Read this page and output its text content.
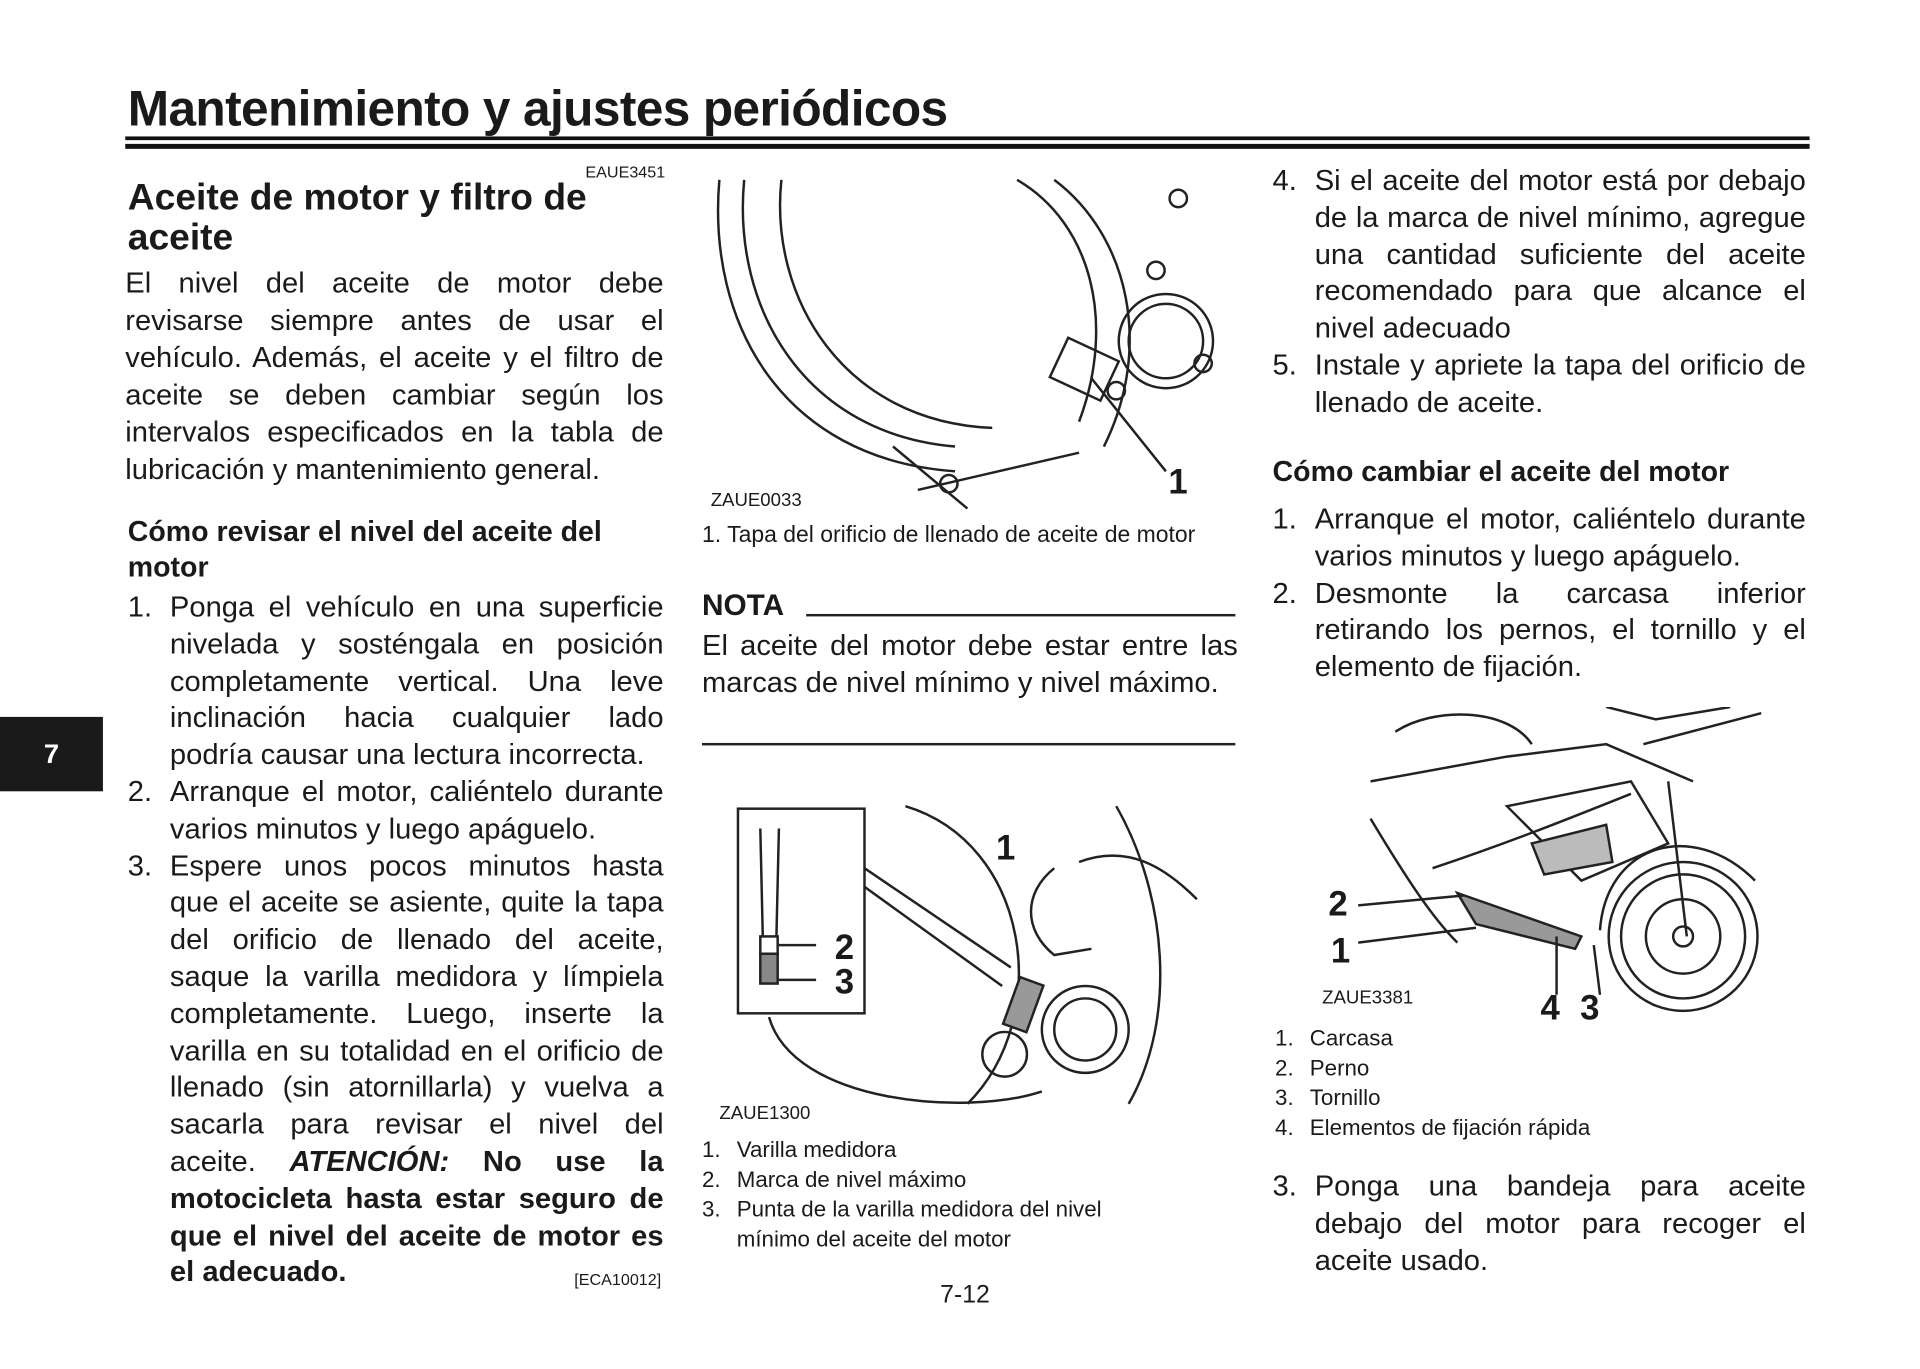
Mantenimiento y ajustes periódicos
7
EAUE3451
Aceite de motor y filtro de aceite
El nivel del aceite de motor debe revisarse siempre antes de usar el vehículo. Además, el aceite y el filtro de aceite se deben cambiar según los intervalos especificados en la tabla de lubricación y mantenimiento general.
Cómo revisar el nivel del aceite del motor
1. Ponga el vehículo en una superficie nivelada y sosténgala en posición completamente vertical. Una leve inclinación hacia cualquier lado podría causar una lectura incorrecta.
2. Arranque el motor, caliéntelo durante varios minutos y luego apáguelo.
3. Espere unos pocos minutos hasta que el aceite se asiente, quite la tapa del orificio de llenado del aceite, saque la varilla medidora y límpiela completamente. Luego, inserte la varilla en su totalidad en el orificio de llenado (sin atornillarla) y vuelva a sacarla para revisar el nivel del aceite. ATENCIÓN: No use la motocicleta hasta estar seguro de que el nivel del aceite de motor es el adecuado.	[ECA10012]
1
ZAUE0033
1. Tapa del orificio de llenado de aceite de motor
NOTA
El aceite del motor debe estar entre las marcas de nivel mínimo y nivel máximo.
1
2
3
ZAUE1300
1. Varilla medidora
2. Marca de nivel máximo
3. Punta de la varilla medidora del nivel mínimo del aceite del motor
7-12
4. Si el aceite del motor está por debajo de la marca de nivel mínimo, agregue una cantidad suficiente del aceite recomendado para que alcance el nivel adecuado
5. Instale y apriete la tapa del orificio de llenado de aceite.
Cómo cambiar el aceite del motor
1. Arranque el motor, caliéntelo durante varios minutos y luego apáguelo.
2. Desmonte la carcasa inferior retirando los pernos, el tornillo y el elemento de fijación.
2
1
4 3
ZAUE3381
1. Carcasa
2. Perno
3. Tornillo
4. Elementos de fijación rápida
3. Ponga una bandeja para aceite debajo del motor para recoger el aceite usado.
